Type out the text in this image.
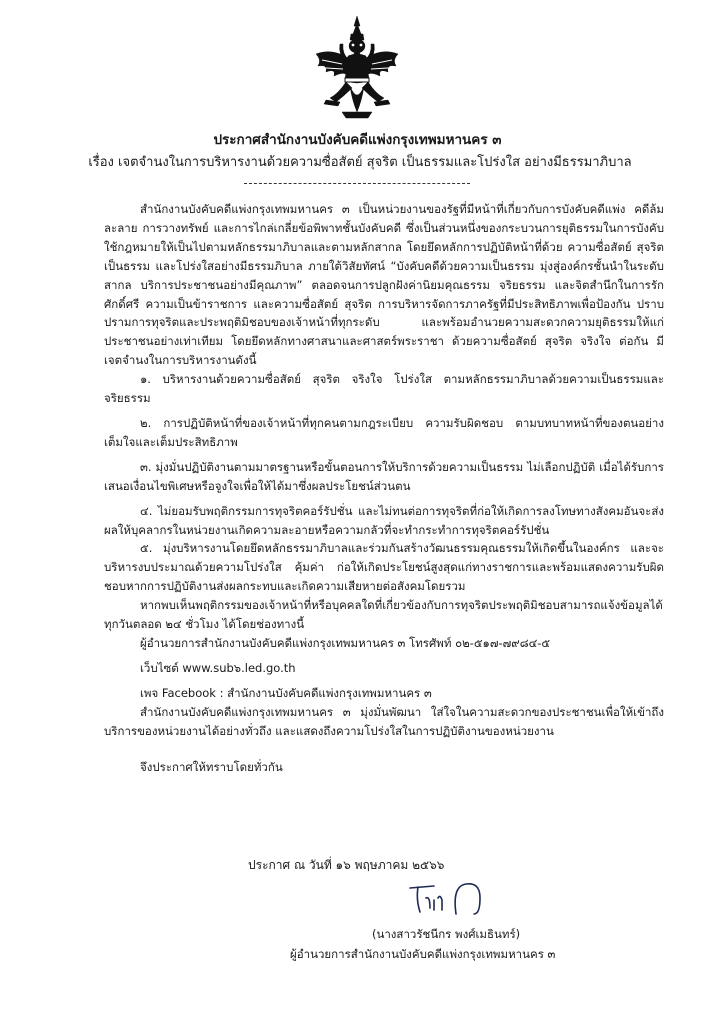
ประกาศสำนักงานบังคับคดีแพ่งกรุงเทพมหานคร ๓

เรื่อง เจตจำนงในการบริหารงานด้วยความซื่อสัตย์ สุจริต เป็นธรรมและโปร่งใส อย่างมีธรรมาภิบาล

สำนักงานบังคับคดีแพ่งกรุงเทพมหานคร ๓ เป็นหน่วยงานของรัฐที่มีหน้าที่เกี่ยวกับการบังคับคดีแพ่ง คดีล้มละลาย การวางทรัพย์ และการไกล่เกลี่ยข้อพิพาทชั้นบังคับคดี ซึ่งเป็นส่วนหนึ่งของกระบวนการยุติธรรมในการบังคับใช้กฎหมายให้เป็นไปตามหลักธรรมาภิบาลและตามหลักสากล โดยยึดหลักการปฏิบัติหน้าที่ด้วย ความซื่อสัตย์ สุจริต เป็นธรรม และโปร่งใสอย่างมีธรรมภิบาล ภายใต้วิสัยทัศน์ “บังคับคดีด้วยความเป็นธรรม มุ่งสู่องค์กรชั้นนำในระดับสากล บริการประชาชนอย่างมีคุณภาพ” ตลอดจนการปลูกฝังค่านิยมคุณธรรม จริยธรรม และจิตสำนึกในการรักศักดิ์ศรี ความเป็นข้าราชการ และความซื่อสัตย์ สุจริต การบริหารจัดการภาครัฐที่มีประสิทธิภาพเพื่อป้องกัน ปราบปรามการทุจริตและประพฤติมิชอบของเจ้าหน้าที่ทุกระดับ และพร้อมอำนวยความสะดวกความยุติธรรมให้แก่ประชาชนอย่างเท่าเทียม โดยยึดหลักทางศาสนาและศาสตร์พระราชา ด้วยความซื่อสัตย์ สุจริต จริงใจ ต่อกัน มีเจตจำนงในการบริหารงานดังนี้

๑. บริหารงานด้วยความซื่อสัตย์ สุจริต จริงใจ โปร่งใส ตามหลักธรรมาภิบาลด้วยความเป็นธรรมและจริยธรรม

๒. การปฏิบัติหน้าที่ของเจ้าหน้าที่ทุกคนตามกฎระเบียบ ความรับผิดชอบ ตามบทบาทหน้าที่ของตนอย่างเต็มใจและเต็มประสิทธิภาพ

๓. มุ่งมั่นปฏิบัติงานตามมาตรฐานหรือขั้นตอนการให้บริการด้วยความเป็นธรรม ไม่เลือกปฏิบัติ เมื่อได้รับการเสนอเงื่อนไขพิเศษหรือจูงใจเพื่อให้ได้มาซึ่งผลประโยชน์ส่วนตน

๔. ไม่ยอมรับพฤติกรรมการทุจริตคอร์รัปชั่น และไม่ทนต่อการทุจริตที่ก่อให้เกิดการลงโทษทางสังคมอันจะส่งผลให้บุคลากรในหน่วยงานเกิดความละอายหรือความกลัวที่จะทำกระทำการทุจริตคอร์รัปชั่น

๕. มุ่งบริหารงานโดยยึดหลักธรรมาภิบาลและร่วมกันสร้างวัฒนธรรมคุณธรรมให้เกิดขึ้นในองค์กร และจะบริหารงบประมาณด้วยความโปร่งใส คุ้มค่า ก่อให้เกิดประโยชน์สูงสุดแก่ทางราชการและพร้อมแสดงความรับผิดชอบหากการปฏิบัติงานส่งผลกระทบและเกิดความเสียหายต่อสังคมโดยรวม

หากพบเห็นพฤติกรรมของเจ้าหน้าที่หรือบุคคลใดที่เกี่ยวข้องกับการทุจริตประพฤติมิชอบสามารถแจ้งข้อมูลได้ทุกวันตลอด ๒๔ ชั่วโมง ได้โดยช่องทางนี้

ผู้อำนวยการสำนักงานบังคับคดีแพ่งกรุงเทพมหานคร ๓ โทรศัพท์ ๐๒-๕๑๗-๗๙๘๔-๕

เว็บไซต์ www.sub๖.led.go.th

เพจ Facebook : สำนักงานบังคับคดีแพ่งกรุงเทพมหานคร ๓

สำนักงานบังคับคดีแพ่งกรุงเทพมหานคร ๓ มุ่งมั่นพัฒนา ใส่ใจในความสะดวกของประชาชนเพื่อให้เข้าถึงบริการของหน่วยงานได้อย่างทั่วถึง และแสดงถึงความโปร่งใสในการปฏิบัติงานของหน่วยงาน

จึงประกาศให้ทราบโดยทั่วกัน

ประกาศ ณ วันที่ ๑๖ พฤษภาคม ๒๕๖๖

(นางสาวรัชนีกร พงศ์เมธินทร์)

ผู้อำนวยการสำนักงานบังคับคดีแพ่งกรุงเทพมหานคร ๓
